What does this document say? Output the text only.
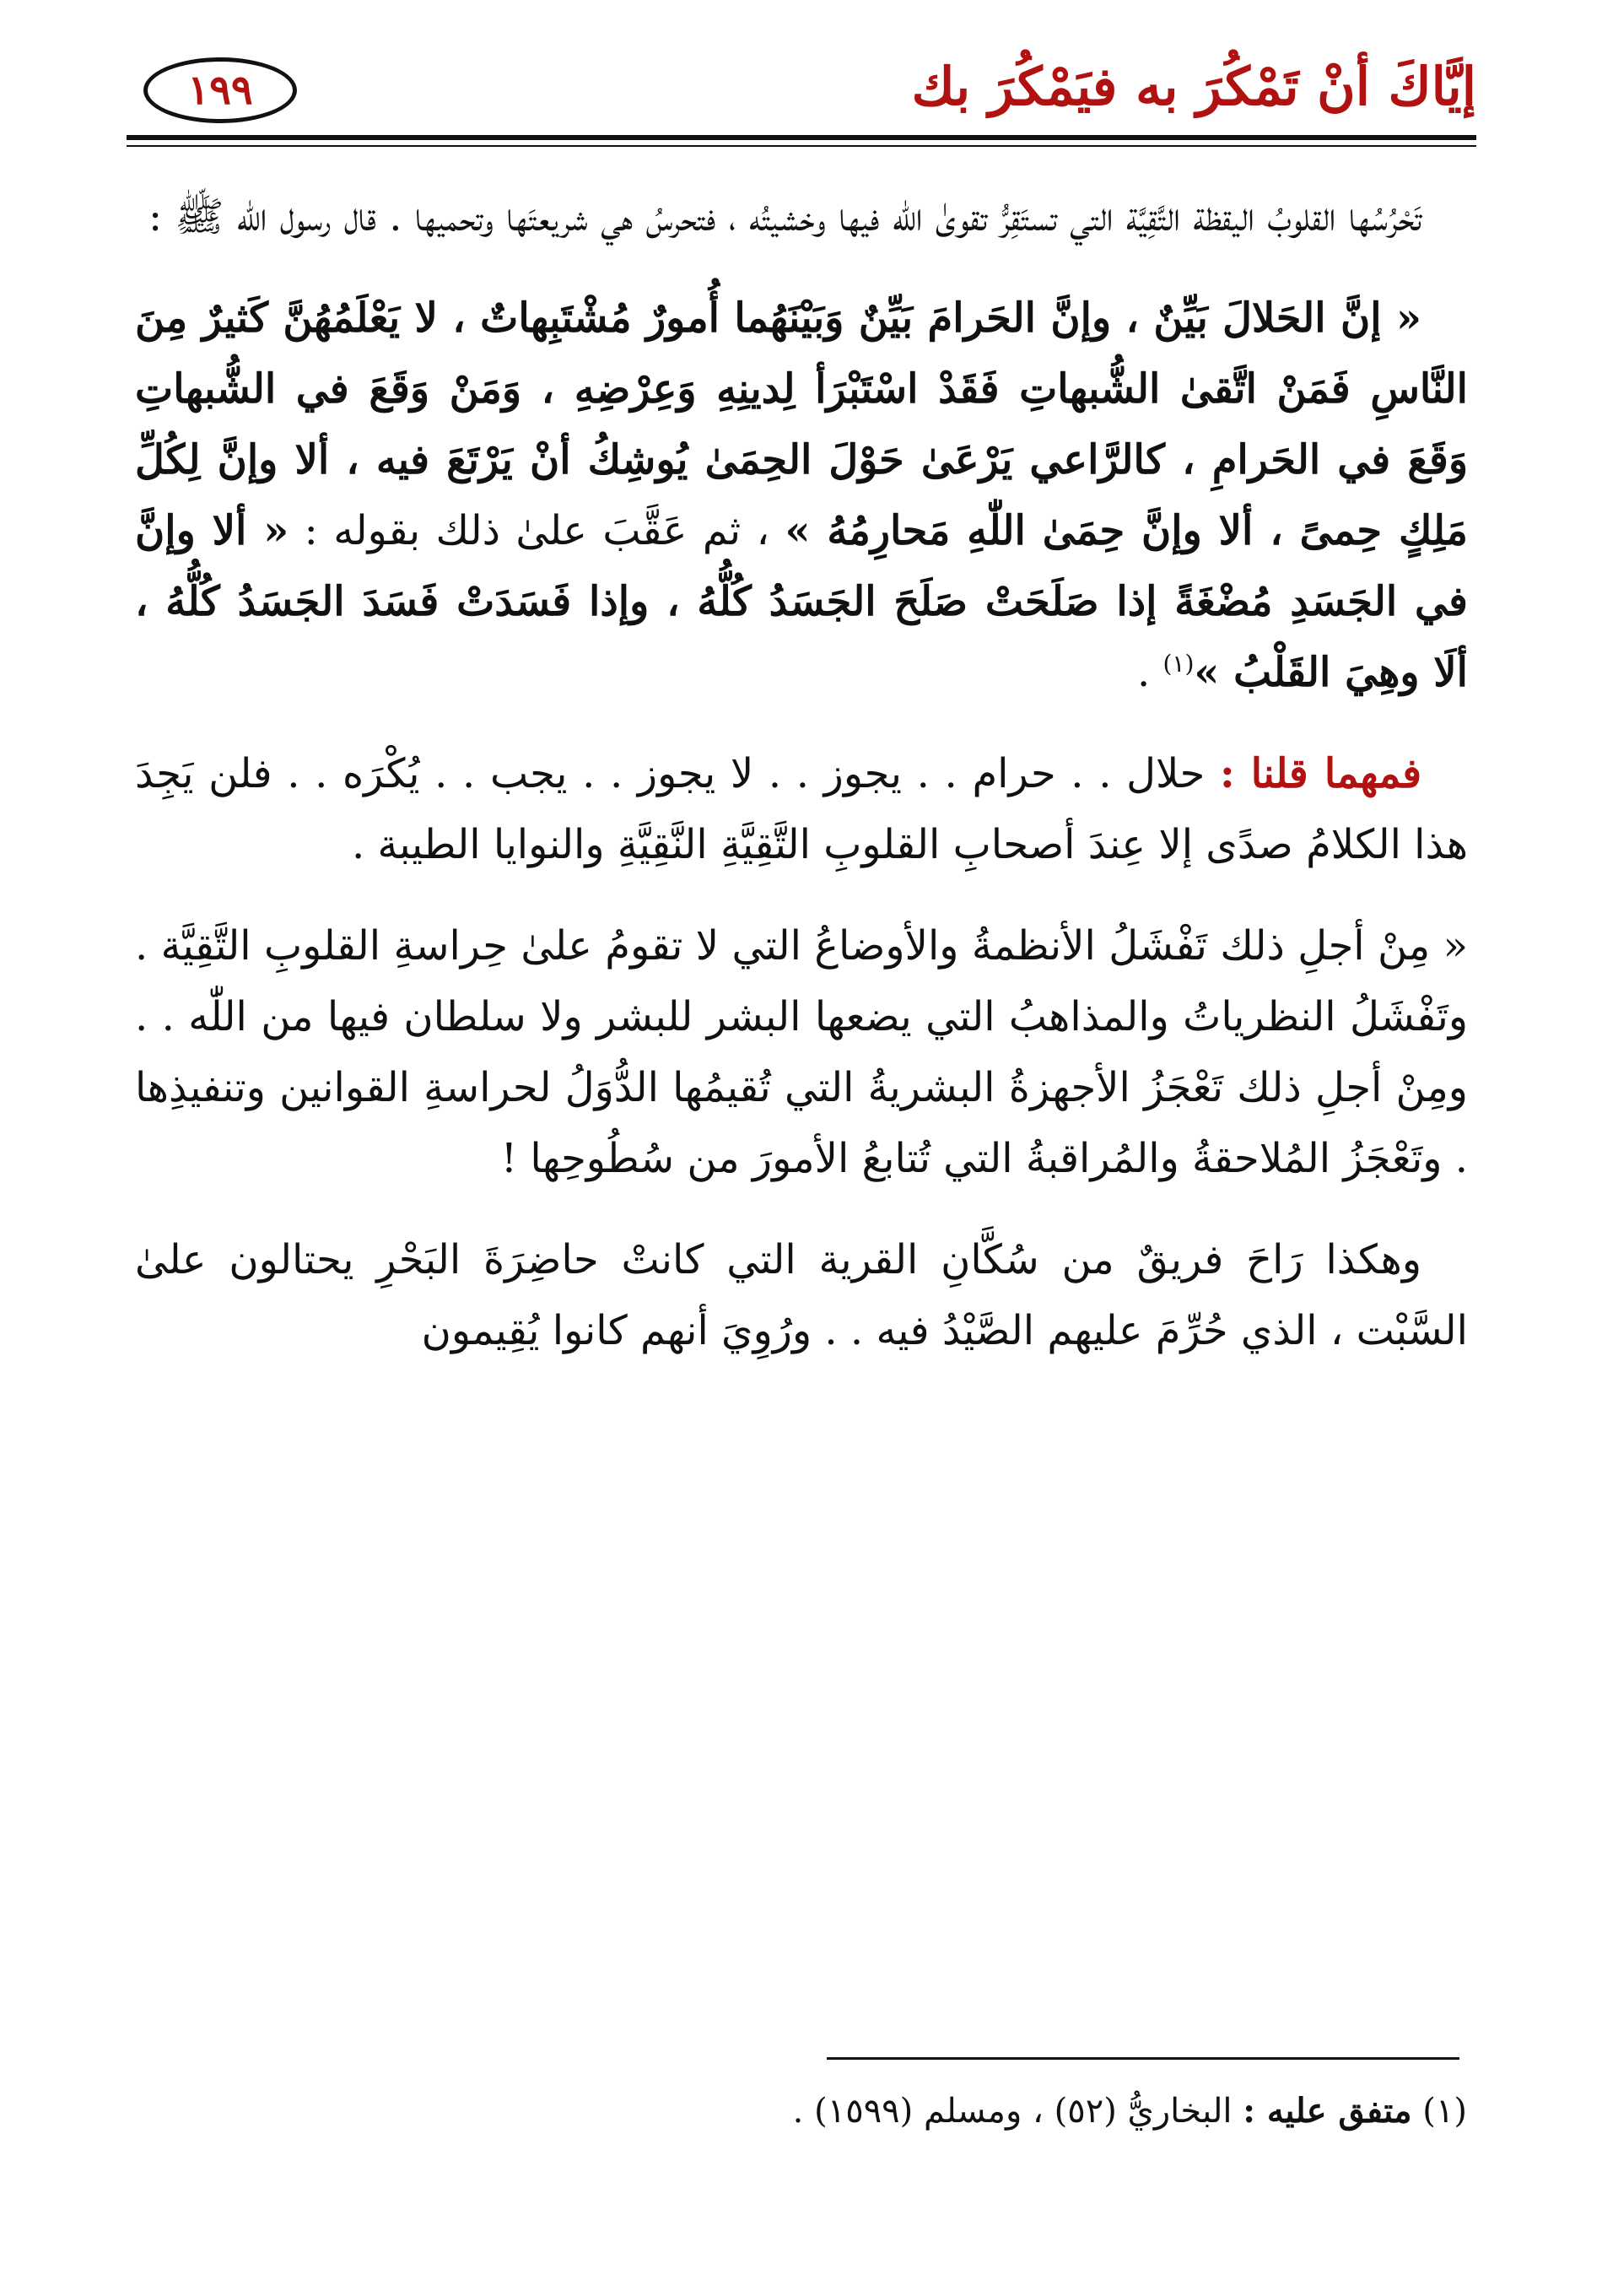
إيَّاكَ أنْ تَمْكُرَ به فيَمْكُرَ بك
١٩٩

تَحْرُسُها القلوبُ اليقظة التَّقِيَّة التي تستَقِرُّ تقوىٰ اللّٰه فيها وخشيتُه ، فتحرسُ هي شريعتَها وتحميها . قال رسول اللّٰه ﷺ :

« إنَّ الحَلالَ بَيِّنٌ ، وإنَّ الحَرامَ بَيِّنٌ وَبَيْنَهُما أُمورٌ مُشْتَبِهاتٌ ، لا يَعْلَمُهُنَّ كَثيرٌ مِنَ النَّاسِ فَمَنْ اتَّقىٰ الشُّبهاتِ فَقَدْ اسْتَبْرَأ لِدينِهِ وَعِرْضِهِ ، وَمَنْ وَقَعَ في الشُّبهاتِ وَقَعَ في الحَرامِ ، كالرَّاعي يَرْعَىٰ حَوْلَ الحِمَىٰ يُوشِكُ أنْ يَرْتَعَ فيه ، ألا وإنَّ لِكُلِّ مَلِكٍ حِمىً ، ألا وإنَّ حِمَىٰ اللّٰهِ مَحارِمُهُ » ، ثم عَقَّبَ علىٰ ذلك بقوله : « ألا وإنَّ في الجَسَدِ مُضْغَةً إذا صَلَحَتْ صَلَحَ الجَسَدُ كُلُّهُ ، وإذا فَسَدَتْ فَسَدَ الجَسَدُ كُلُّهُ ، ألَا وهِيَ القَلْبُ »$^{(١)}$ .

فمهما قلنا : حلال . . حرام . . يجوز . . لا يجوز . . يجب . . يُكْرَه . . فلن يَجِدَ هذا الكلامُ صدًى إلا عِندَ أصحابِ القلوبِ التَّقِيَّةِ النَّقِيَّةِ والنوايا الطيبة .

« مِنْ أجلِ ذلك تَفْشَلُ الأنظمةُ والأوضاعُ التي لا تقومُ علىٰ حِراسةِ القلوبِ التَّقِيَّة . وتَفْشَلُ النظرياتُ والمذاهبُ التي يضعها البشر للبشر ولا سلطان فيها من اللّٰه . . ومِنْ أجلِ ذلك تَعْجَزُ الأجهزةُ البشريةُ التي تُقيمُها الدُّوَلُ لحراسةِ القوانين وتنفيذِها . وتَعْجَزُ المُلاحقةُ والمُراقبةُ التي تُتابعُ الأمورَ من سُطُوحِها !

وهكذا رَاحَ فريقٌ من سُكَّانِ القرية التي كانتْ حاضِرَةَ البَحْرِ يحتالون علىٰ السَّبْت ، الذي حُرِّمَ عليهم الصَّيْدُ فيه . . ورُوِيَ أنهم كانوا يُقِيمون

(١) متفق عليه : البخاريُّ (٥٢) ، ومسلم (١٥٩٩) .
